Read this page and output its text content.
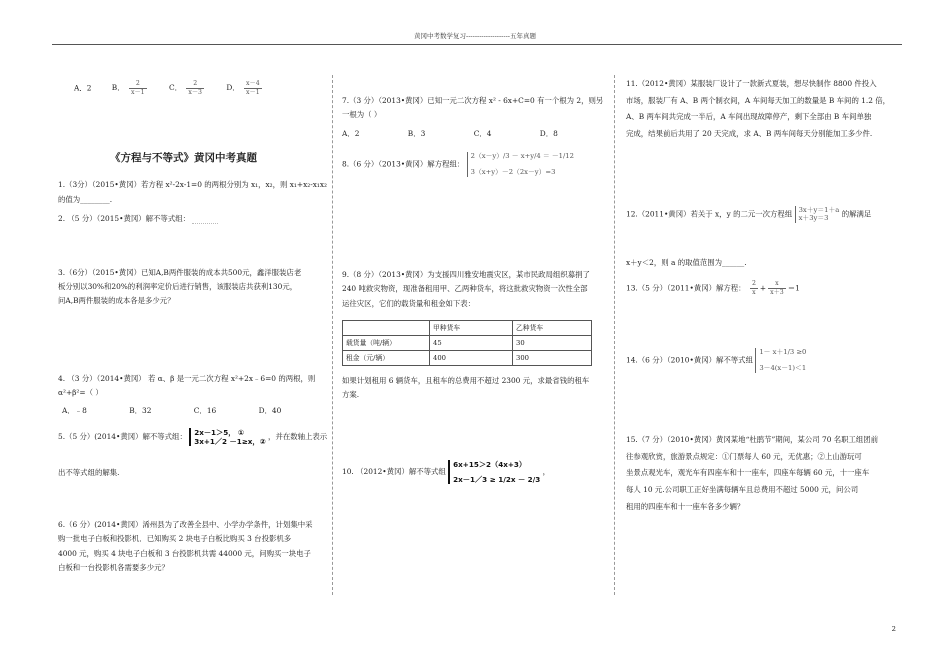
黄冈中考数学复习--------------------五年真题
A．2	B． $\frac{2}{x-1}$	C． $\frac{2}{x-3}$	D． $\frac{x-4}{x-1}$
《方程与不等式》黄冈中考真题
1.（3分）（2015•黄冈）若方程 x²-2x-1=0 的两根分别为 x₁，x₂，则 x₁+x₂-x₁x₂
的值为________.
2. （5 分）（2015•黄冈）解不等式组：
3.（6分）（2015•黄冈）已知A,B两件服装的成本共500元，鑫洋服装店老
板分别以30%和20%的利润率定价后进行销售，该服装店共获利130元，
问A,B两件服装的成本各是多少元？
4. （3 分）（2014•黄冈） 若 α、β 是一元二次方程 x²+2x﹣6=0 的两根，则
α²+β²=（ ）
A．﹣8	B．32	C．16	D．40
5.（5 分）(2014•黄冈）解不等式组： 2x－1＞5， ①
3x+1／2 －1≥x，②
，并在数轴上表示
出不等式组的解集.
6.（6 分）(2014•黄冈）浠州县为了改善全县中、小学办学条件，计划集中采
购一批电子白板和投影机．已知购买 2 块电子白板比购买 3 台投影机多
4000 元，购买 4 块电子白板和 3 台投影机共需 44000 元，问购买一块电子
白板和一台投影机各需要多少元？
7.（3 分）（2013•黄冈）已知一元二次方程 x² - 6x+C=0 有一个根为 2，则另
一根为（ ）
A．2	B．3	C．4	D．8
8.（6 分）（2013•黄冈）解方程组：
2（x－y）/3 － x+y/4 ＝ －1/12
3（x+y）－2（2x－y）=3
9.（8 分）（2013•黄冈）为支援四川雅安地震灾区，某市民政局组织募捐了
240 吨救灾物资，现准备租用甲、乙两种货车，将这批救灾物资一次性全部
运往灾区，它们的载货量和租金如下表：
	甲种货车	乙种货车
载货量（吨/辆）	45	30
租金（元/辆）	400	300
如果计划租用 6 辆货车，且租车的总费用不超过 2300 元，求最省钱的租车
方案.
10. （2012•黄冈）解不等式组
6x+15＞2（4x+3）
2x－1／3 ≥ 1/2x － 2/3
，
11.（2012•黄冈）某服装厂设计了一款新式夏装，想尽快制作 8800 件投入
市场，服装厂有 A、B 两个制衣间，A 车间每天加工的数量是 B 车间的 1.2 倍，
A、B 两车间共完成一半后，A 车间出现故障停产，剩下全部由 B 车间单独
完成，结果前后共用了 20 天完成，求 A、B 两车间每天分别能加工多少件.
12.（2011•黄冈）若关于 x，y 的二元一次方程组 3x＋y＝1＋a
x＋3y＝3	的解满足
x＋y＜2，则 a 的取值范围为______.
13.（5 分）（2011•黄冈）解方程： $\frac{2}{x} + \frac{x}{x+3} =1$
14.（6 分）（2010•黄冈）解不等式组
1－ x＋1/3 ≥0
3－4(x－1)＜1
15.（7 分）（2010•黄冈）黄冈某地“杜鹃节”期间，某公司 70 名职工组团前
往参观欣赏，旅游景点规定：①门票每人 60 元，无优惠；②上山游玩可
坐景点观光车，观光车有四座车和十一座车，四座车每辆 60 元，十一座车
每人 10 元.公司职工正好坐满每辆车且总费用不超过 5000 元，问公司
租用的四座车和十一座车各多少辆？
2
